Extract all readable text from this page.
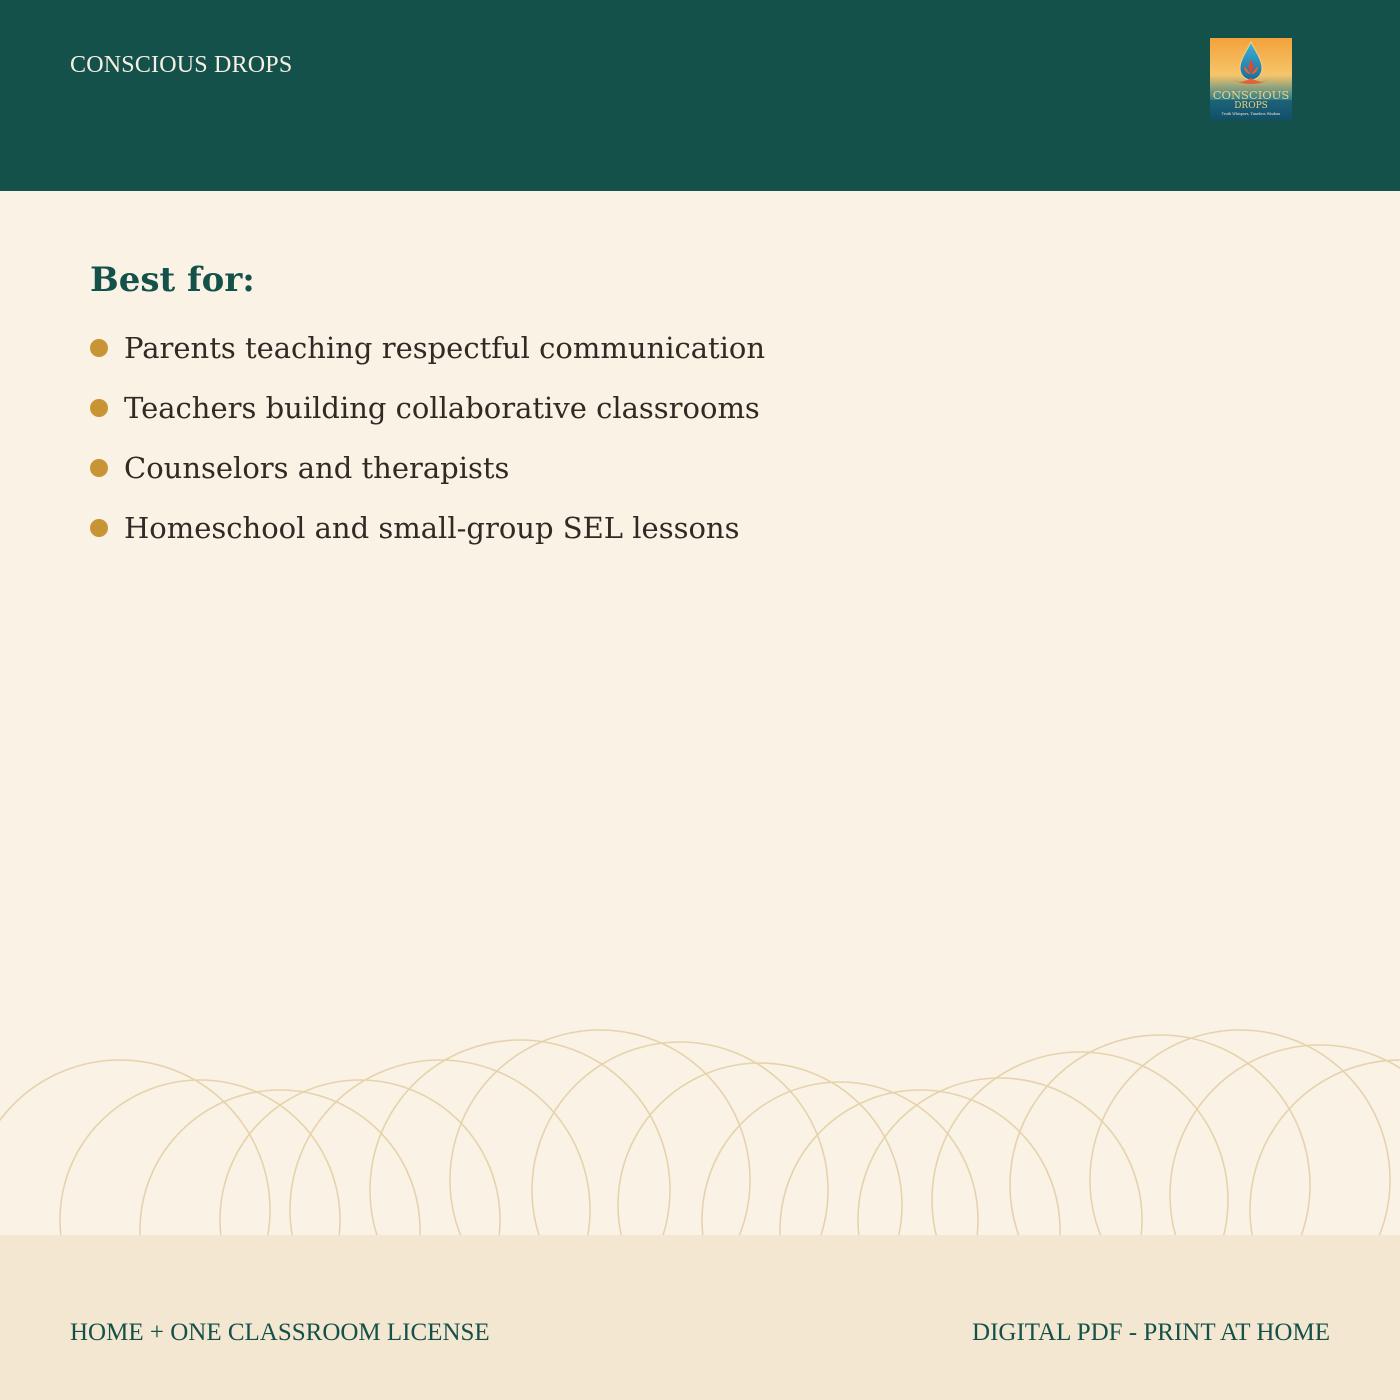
CONSCIOUS DROPS
CONSCIOUS
DROPS
Truth Whispers, Timeless Wisdom
Best for:
Parents teaching respectful communication
Teachers building collaborative classrooms
Counselors and therapists
Homeschool and small-group SEL lessons
HOME + ONE CLASSROOM LICENSE	DIGITAL PDF - PRINT AT HOME
